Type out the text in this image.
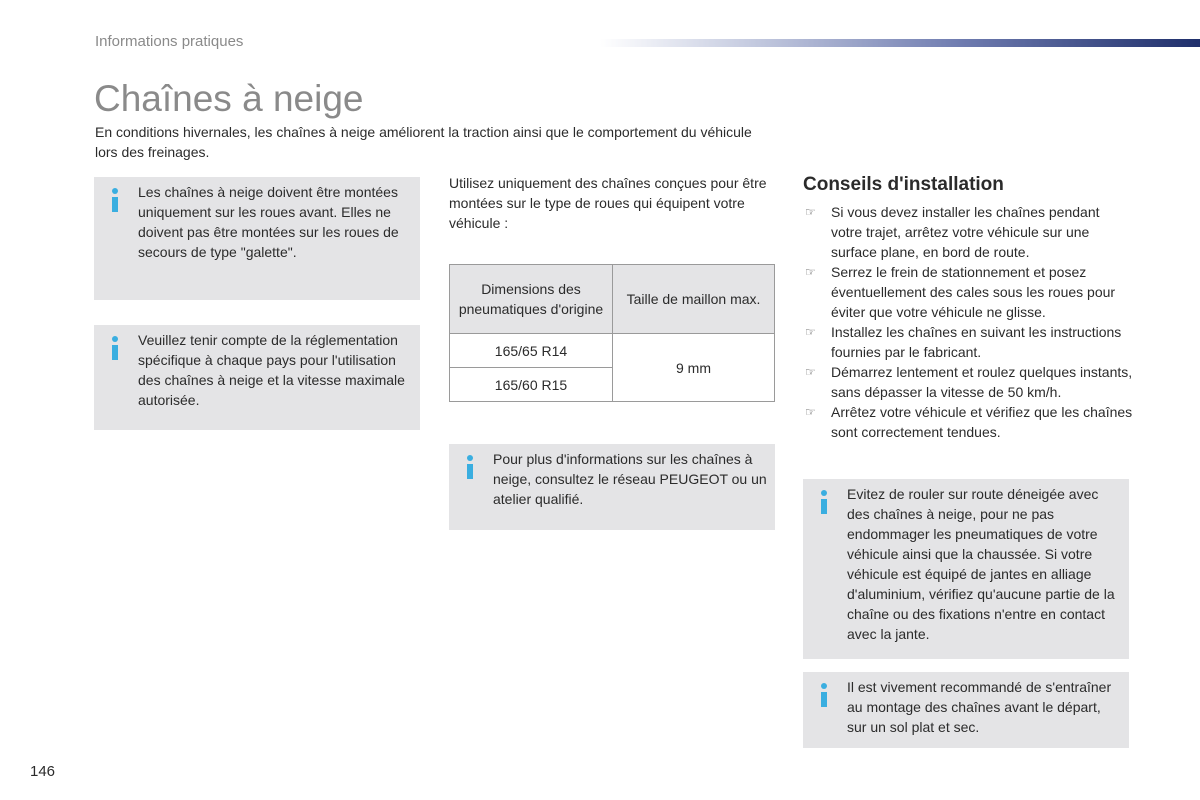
Informations pratiques
Chaînes à neige
En conditions hivernales, les chaînes à neige améliorent la traction ainsi que le comportement du véhicule lors des freinages.
Les chaînes à neige doivent être montées uniquement sur les roues avant. Elles ne doivent pas être montées sur les roues de secours de type "galette".
Veuillez tenir compte de la réglementation spécifique à chaque pays pour l'utilisation des chaînes à neige et la vitesse maximale autorisée.
Utilisez uniquement des chaînes conçues pour être montées sur le type de roues qui équipent votre véhicule :
Dimensions des pneumatiques d'origine	Taille de maillon max.
165/65 R14	9 mm
165/60 R15	
Pour plus d'informations sur les chaînes à neige, consultez le réseau PEUGEOT ou un atelier qualifié.
Conseils d'installation
☞ Si vous devez installer les chaînes pendant votre trajet, arrêtez votre véhicule sur une surface plane, en bord de route.
☞ Serrez le frein de stationnement et posez éventuellement des cales sous les roues pour éviter que votre véhicule ne glisse.
☞ Installez les chaînes en suivant les instructions fournies par le fabricant.
☞ Démarrez lentement et roulez quelques instants, sans dépasser la vitesse de 50 km/h.
☞ Arrêtez votre véhicule et vérifiez que les chaînes sont correctement tendues.
Evitez de rouler sur route déneigée avec des chaînes à neige, pour ne pas endommager les pneumatiques de votre véhicule ainsi que la chaussée. Si votre véhicule est équipé de jantes en alliage d'aluminium, vérifiez qu'aucune partie de la chaîne ou des fixations n'entre en contact avec la jante.
Il est vivement recommandé de s'entraîner au montage des chaînes avant le départ, sur un sol plat et sec.
146
